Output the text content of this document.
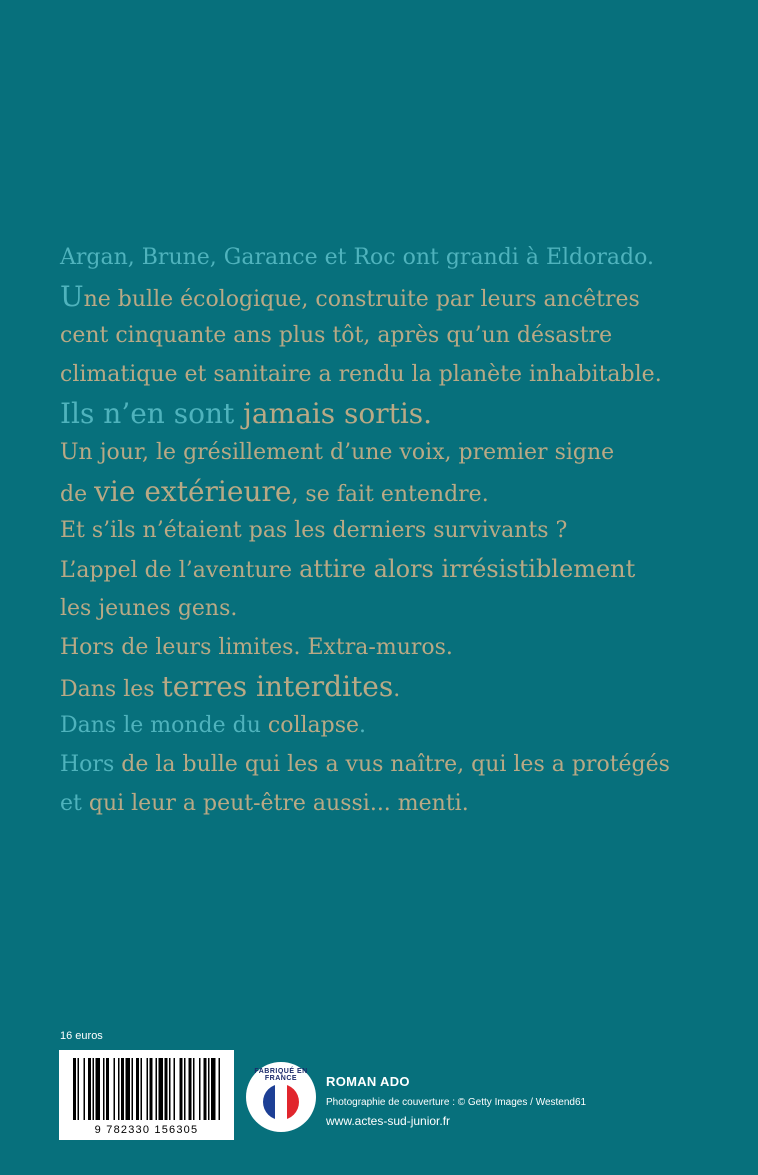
Argan, Brune, Garance et Roc ont grandi à Eldorado.
Une bulle écologique, construite par leurs ancêtres
cent cinquante ans plus tôt, après qu’un désastre
climatique et sanitaire a rendu la planète inhabitable.
Ils n’en sont jamais sortis.
Un jour, le grésillement d’une voix, premier signe
de vie extérieure, se fait entendre.
Et s’ils n’étaient pas les derniers survivants ?
L’appel de l’aventure attire alors irrésistiblement
les jeunes gens.
Hors de leurs limites. Extra-muros.
Dans les terres interdites.
Dans le monde du collapse.
Hors de la bulle qui les a vus naître, qui les a protégés
et qui leur a peut-être aussi... menti.
16 euros
9 782330 156305
FABRIQUÉ EN FRANCE	ROMAN ADO
Photographie de couverture : © Getty Images / Westend61
www.actes-sud-junior.fr
